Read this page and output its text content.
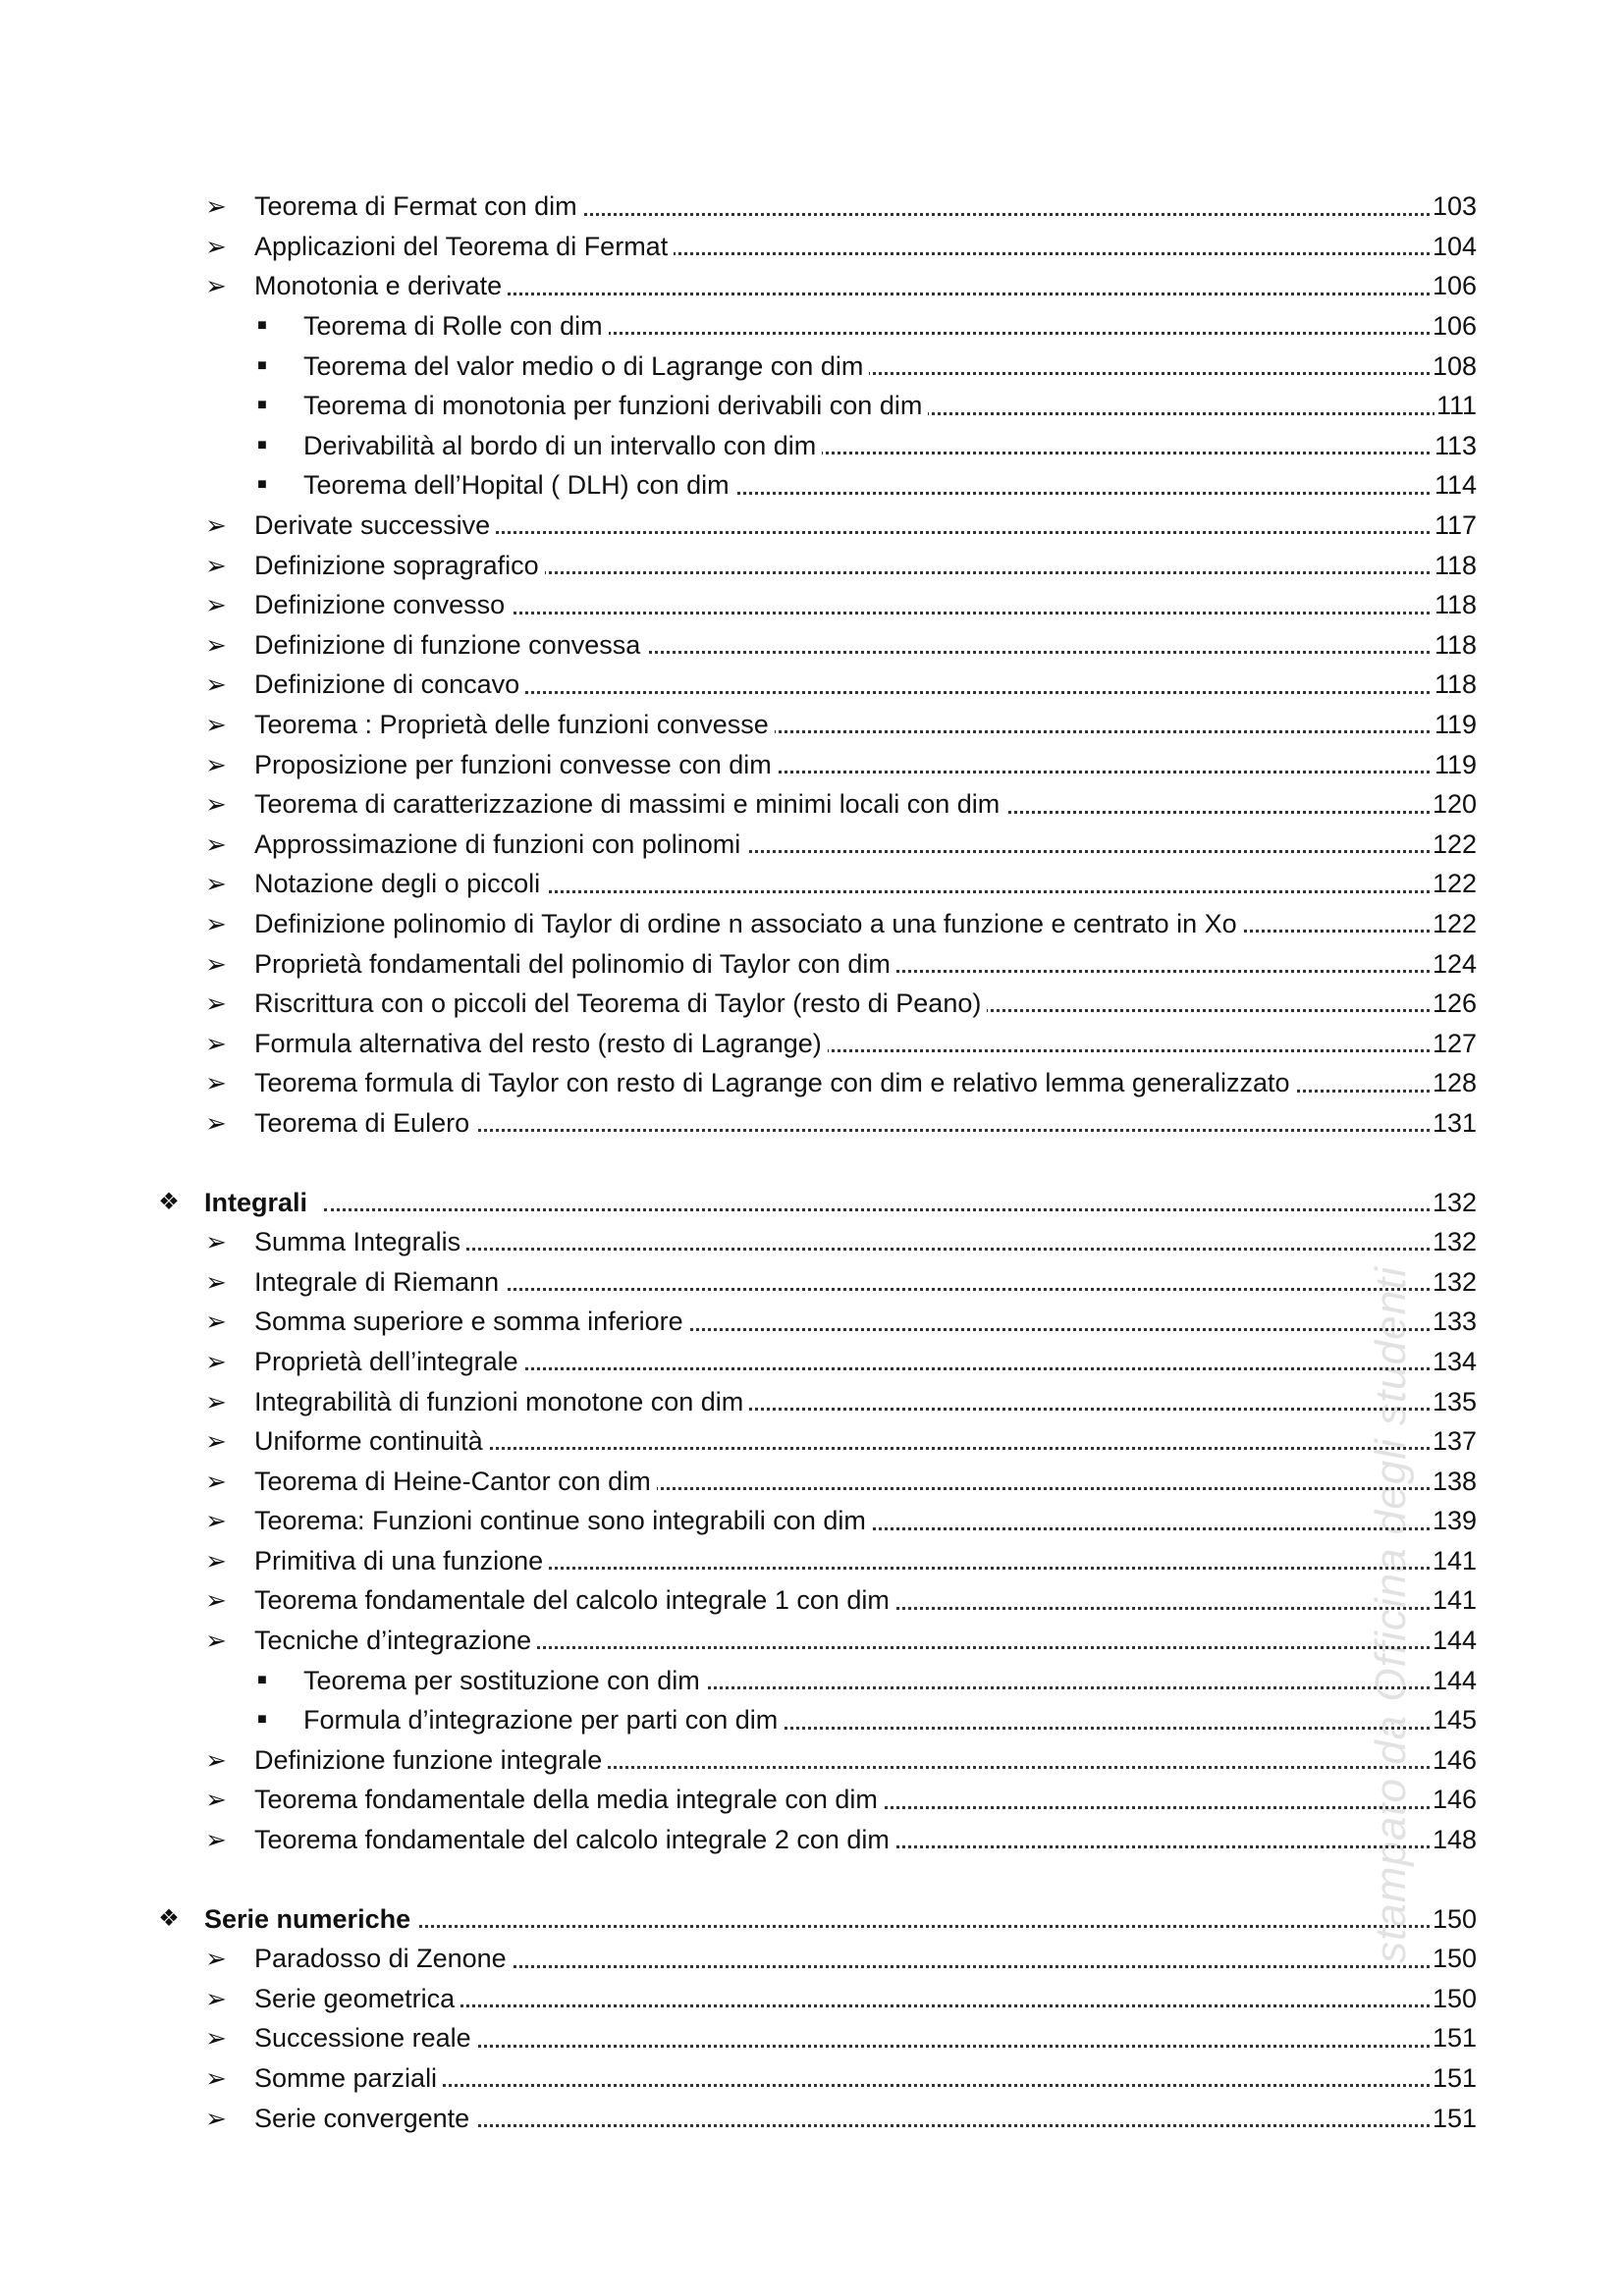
➢	Teorema di Fermat con dim	103
➢	Applicazioni del Teorema di Fermat	104
➢	Monotonia e derivate	106
■	Teorema di Rolle con dim	106
■	Teorema del valor medio o di Lagrange con dim	108
■	Teorema di monotonia per funzioni derivabili con dim	111
■	Derivabilità al bordo di un intervallo con dim	113
■	Teorema dell’Hopital ( DLH) con dim	114
➢	Derivate successive	117
➢	Definizione sopragrafico	118
➢	Definizione convesso	118
➢	Definizione di funzione convessa	118
➢	Definizione di concavo	118
➢	Teorema : Proprietà delle funzioni convesse	119
➢	Proposizione per funzioni convesse con dim	119
➢	Teorema di caratterizzazione di massimi e minimi locali con dim	120
➢	Approssimazione di funzioni con polinomi	122
➢	Notazione degli o piccoli	122
➢	Definizione polinomio di Taylor di ordine n associato a una funzione e centrato in Xo	122
➢	Proprietà fondamentali del polinomio di Taylor con dim	124
➢	Riscrittura con o piccoli del Teorema di Taylor (resto di Peano)	126
➢	Formula alternativa del resto (resto di Lagrange)	127
➢	Teorema formula di Taylor con resto di Lagrange con dim e relativo lemma generalizzato	128
➢	Teorema di Eulero	131
❖ Integrali	132
➢	Summa Integralis	132
➢	Integrale di Riemann	132
➢	Somma superiore e somma inferiore	133
➢	Proprietà dell’integrale	134
➢	Integrabilità di funzioni monotone con dim	135
➢	Uniforme continuità	137
➢	Teorema di Heine-Cantor con dim	138
➢	Teorema: Funzioni continue sono integrabili con dim	139
➢	Primitiva di una funzione	141
➢	Teorema fondamentale del calcolo integrale 1 con dim	141
➢	Tecniche d’integrazione	144
■	Teorema per sostituzione con dim	144
■	Formula d’integrazione per parti con dim	145
➢	Definizione funzione integrale	146
➢	Teorema fondamentale della media integrale con dim	146
➢	Teorema fondamentale del calcolo integrale 2 con dim	148
❖ Serie numeriche	150
➢	Paradosso di Zenone	150
➢	Serie geometrica	150
➢	Successione reale	151
➢	Somme parziali	151
➢	Serie convergente	151
stampato da Officina degli studenti
